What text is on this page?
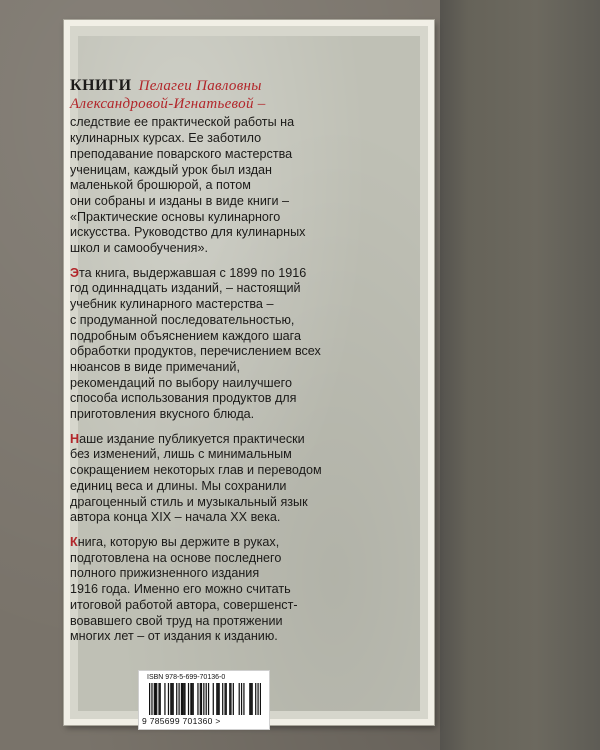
КНИГИ Пелагеи Павловны
Александровой-Игнатьевой –
следствие ее практической работы на
кулинарных курсах. Ее заботило
преподавание поварского мастерства
ученицам, каждый урок был издан
маленькой брошюрой, а потом
они собраны и изданы в виде книги –
«Практические основы кулинарного
искусства. Руководство для кулинарных
школ и самообучения».
Эта книга, выдержавшая с 1899 по 1916
год одиннадцать изданий, – настоящий
учебник кулинарного мастерства –
с продуманной последовательностью,
подробным объяснением каждого шага
обработки продуктов, перечислением всех
нюансов в виде примечаний,
рекомендаций по выбору наилучшего
способа использования продуктов для
приготовления вкусного блюда.
Наше издание публикуется практически
без изменений, лишь с минимальным
сокращением некоторых глав и переводом
единиц веса и длины. Мы сохранили
драгоценный стиль и музыкальный язык
автора конца XIX – начала XX века.
Книга, которую вы держите в руках,
подготовлена на основе последнего
полного прижизненного издания
1916 года. Именно его можно считать
итоговой работой автора, совершенст-
вовавшего свой труд на протяжении
многих лет – от издания к изданию.
ISBN 978-5-699-70136-0
9 785699 701360 >
